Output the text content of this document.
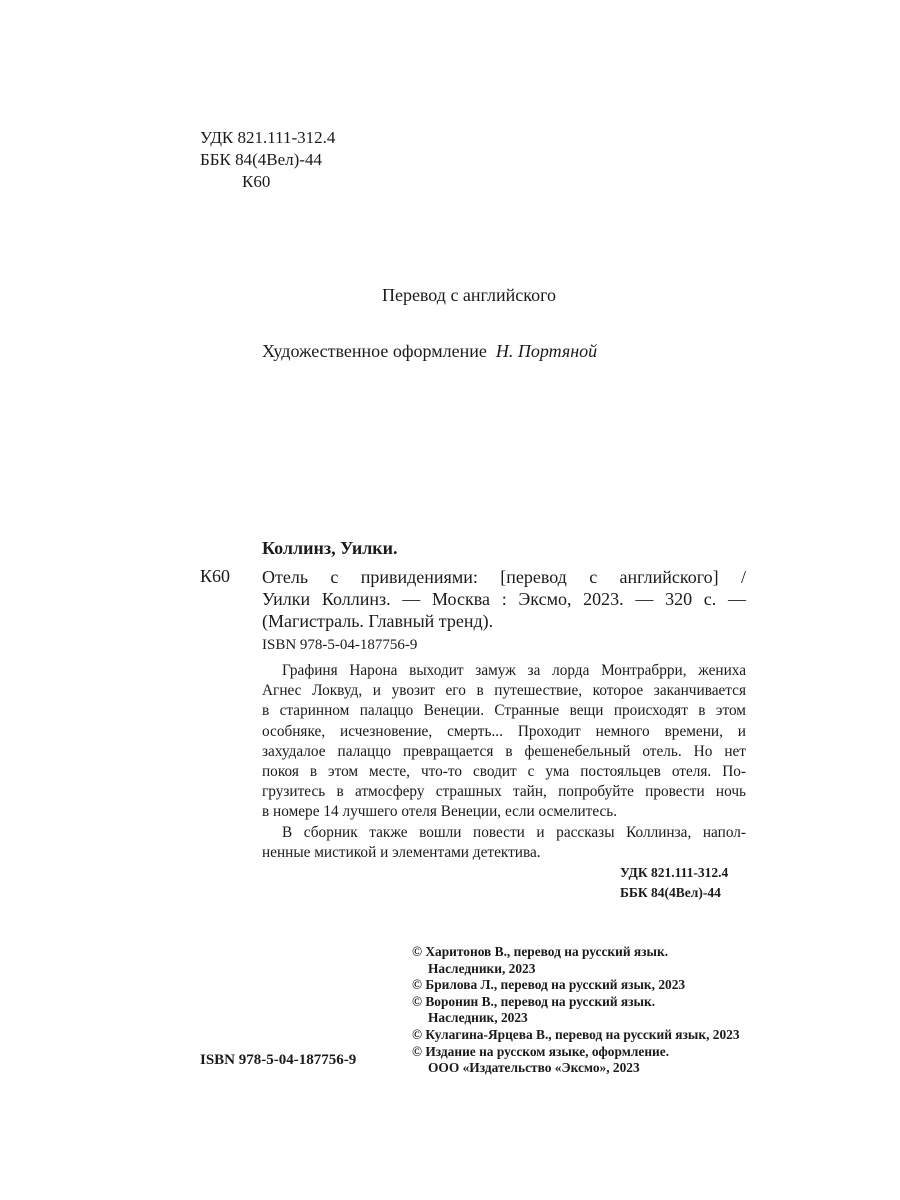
УДК 821.111-312.4
ББК 84(4Вел)-44
К60
Перевод с английского
Художественное оформление Н. Портяной
Коллинз, Уилки.
К60 Отель с привидениями: [перевод с английского] /
Уилки Коллинз. — Москва : Эксмо, 2023. — 320 с. —
(Магистраль. Главный тренд).
ISBN 978-5-04-187756-9
Графиня Нарона выходит замуж за лорда Монтрабрри, жениха
Агнес Локвуд, и увозит его в путешествие, которое заканчивается
в старинном палаццо Венеции. Странные вещи происходят в этом
особняке, исчезновение, смерть... Проходит немного времени, и
захудалое палаццо превращается в фешенебельный отель. Но нет
покоя в этом месте, что-то сводит с ума постояльцев отеля. По-
грузитесь в атмосферу страшных тайн, попробуйте провести ночь
в номере 14 лучшего отеля Венеции, если осмелитесь.
В сборник также вошли повести и рассказы Коллинза, напол-
ненные мистикой и элементами детектива.
УДК 821.111-312.4
ББК 84(4Вел)-44
© Харитонов В., перевод на русский язык.
Наследники, 2023
© Брилова Л., перевод на русский язык, 2023
© Воронин В., перевод на русский язык.
Наследник, 2023
© Кулагина-Ярцева В., перевод на русский язык, 2023
© Издание на русском языке, оформление.
ООО «Издательство «Эксмо», 2023
ISBN 978-5-04-187756-9
